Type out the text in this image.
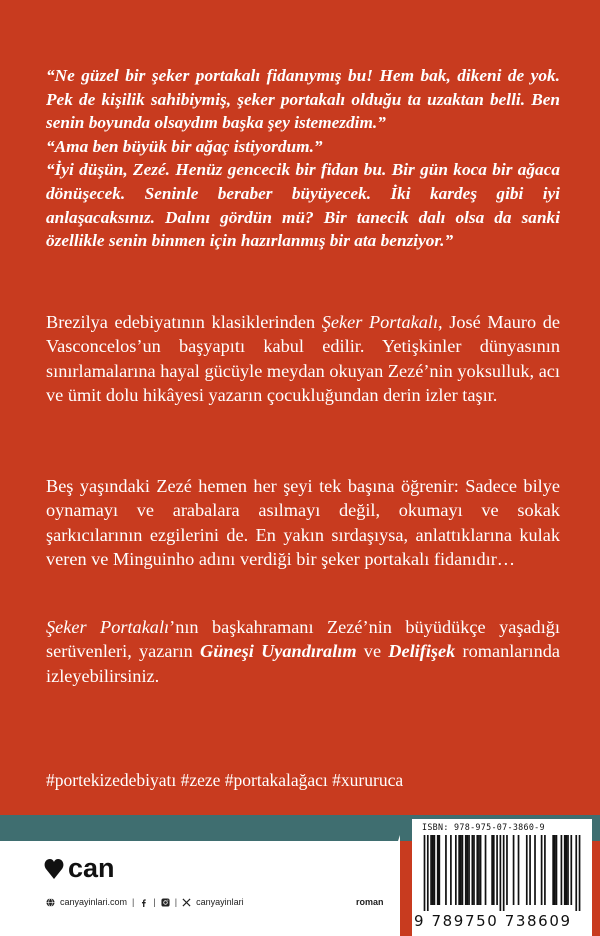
“Ne güzel bir şeker portakalı fidanıymış bu! Hem bak, dikeni de yok. Pek de kişilik sahibiymiş, şeker portakalı olduğu ta uzaktan belli. Ben senin boyunda olsaydım başka şey istemezdim.”

“Ama ben büyük bir ağaç istiyordum.”

“İyi düşün, Zezé. Henüz gencecik bir fidan bu. Bir gün koca bir ağaca dönüşecek. Seninle beraber büyüyecek. İki kardeş gibi iyi anlaşacaksınız. Dalını gördün mü? Bir tanecik dalı olsa da sanki özellikle senin binmen için hazırlanmış bir ata benziyor.”

Brezilya edebiyatının klasiklerinden Şeker Portakalı, José Mauro de Vasconcelos’un başyapıtı kabul edilir. Yetişkinler dünyasının sınırlamalarına hayal gücüyle meydan okuyan Zezé’nin yoksulluk, acı ve ümit dolu hikâyesi yazarın çocukluğundan derin izler taşır.

Beş yaşındaki Zezé hemen her şeyi tek başına öğrenir: Sadece bilye oynamayı ve arabalara asılmayı değil, okumayı ve sokak şarkıcılarının ezgilerini de. En yakın sırdaşıysa, anlattıklarına kulak veren ve Minguinho adını verdiği bir şeker portakalı fidanıdır…

Şeker Portakalı’nın başkahramanı Zezé’nin büyüdükçe yaşadığı serüvenleri, yazarın Güneşi Uyandıralım ve Delifişek romanlarında izleyebilirsiniz.

#portekizedebiyatı #zeze #portakalağacı #xururuca
can
canyayinlari.com | | | canyayinlari	roman
ISBN: 978-975-07-3860-9
9 789750 738609
